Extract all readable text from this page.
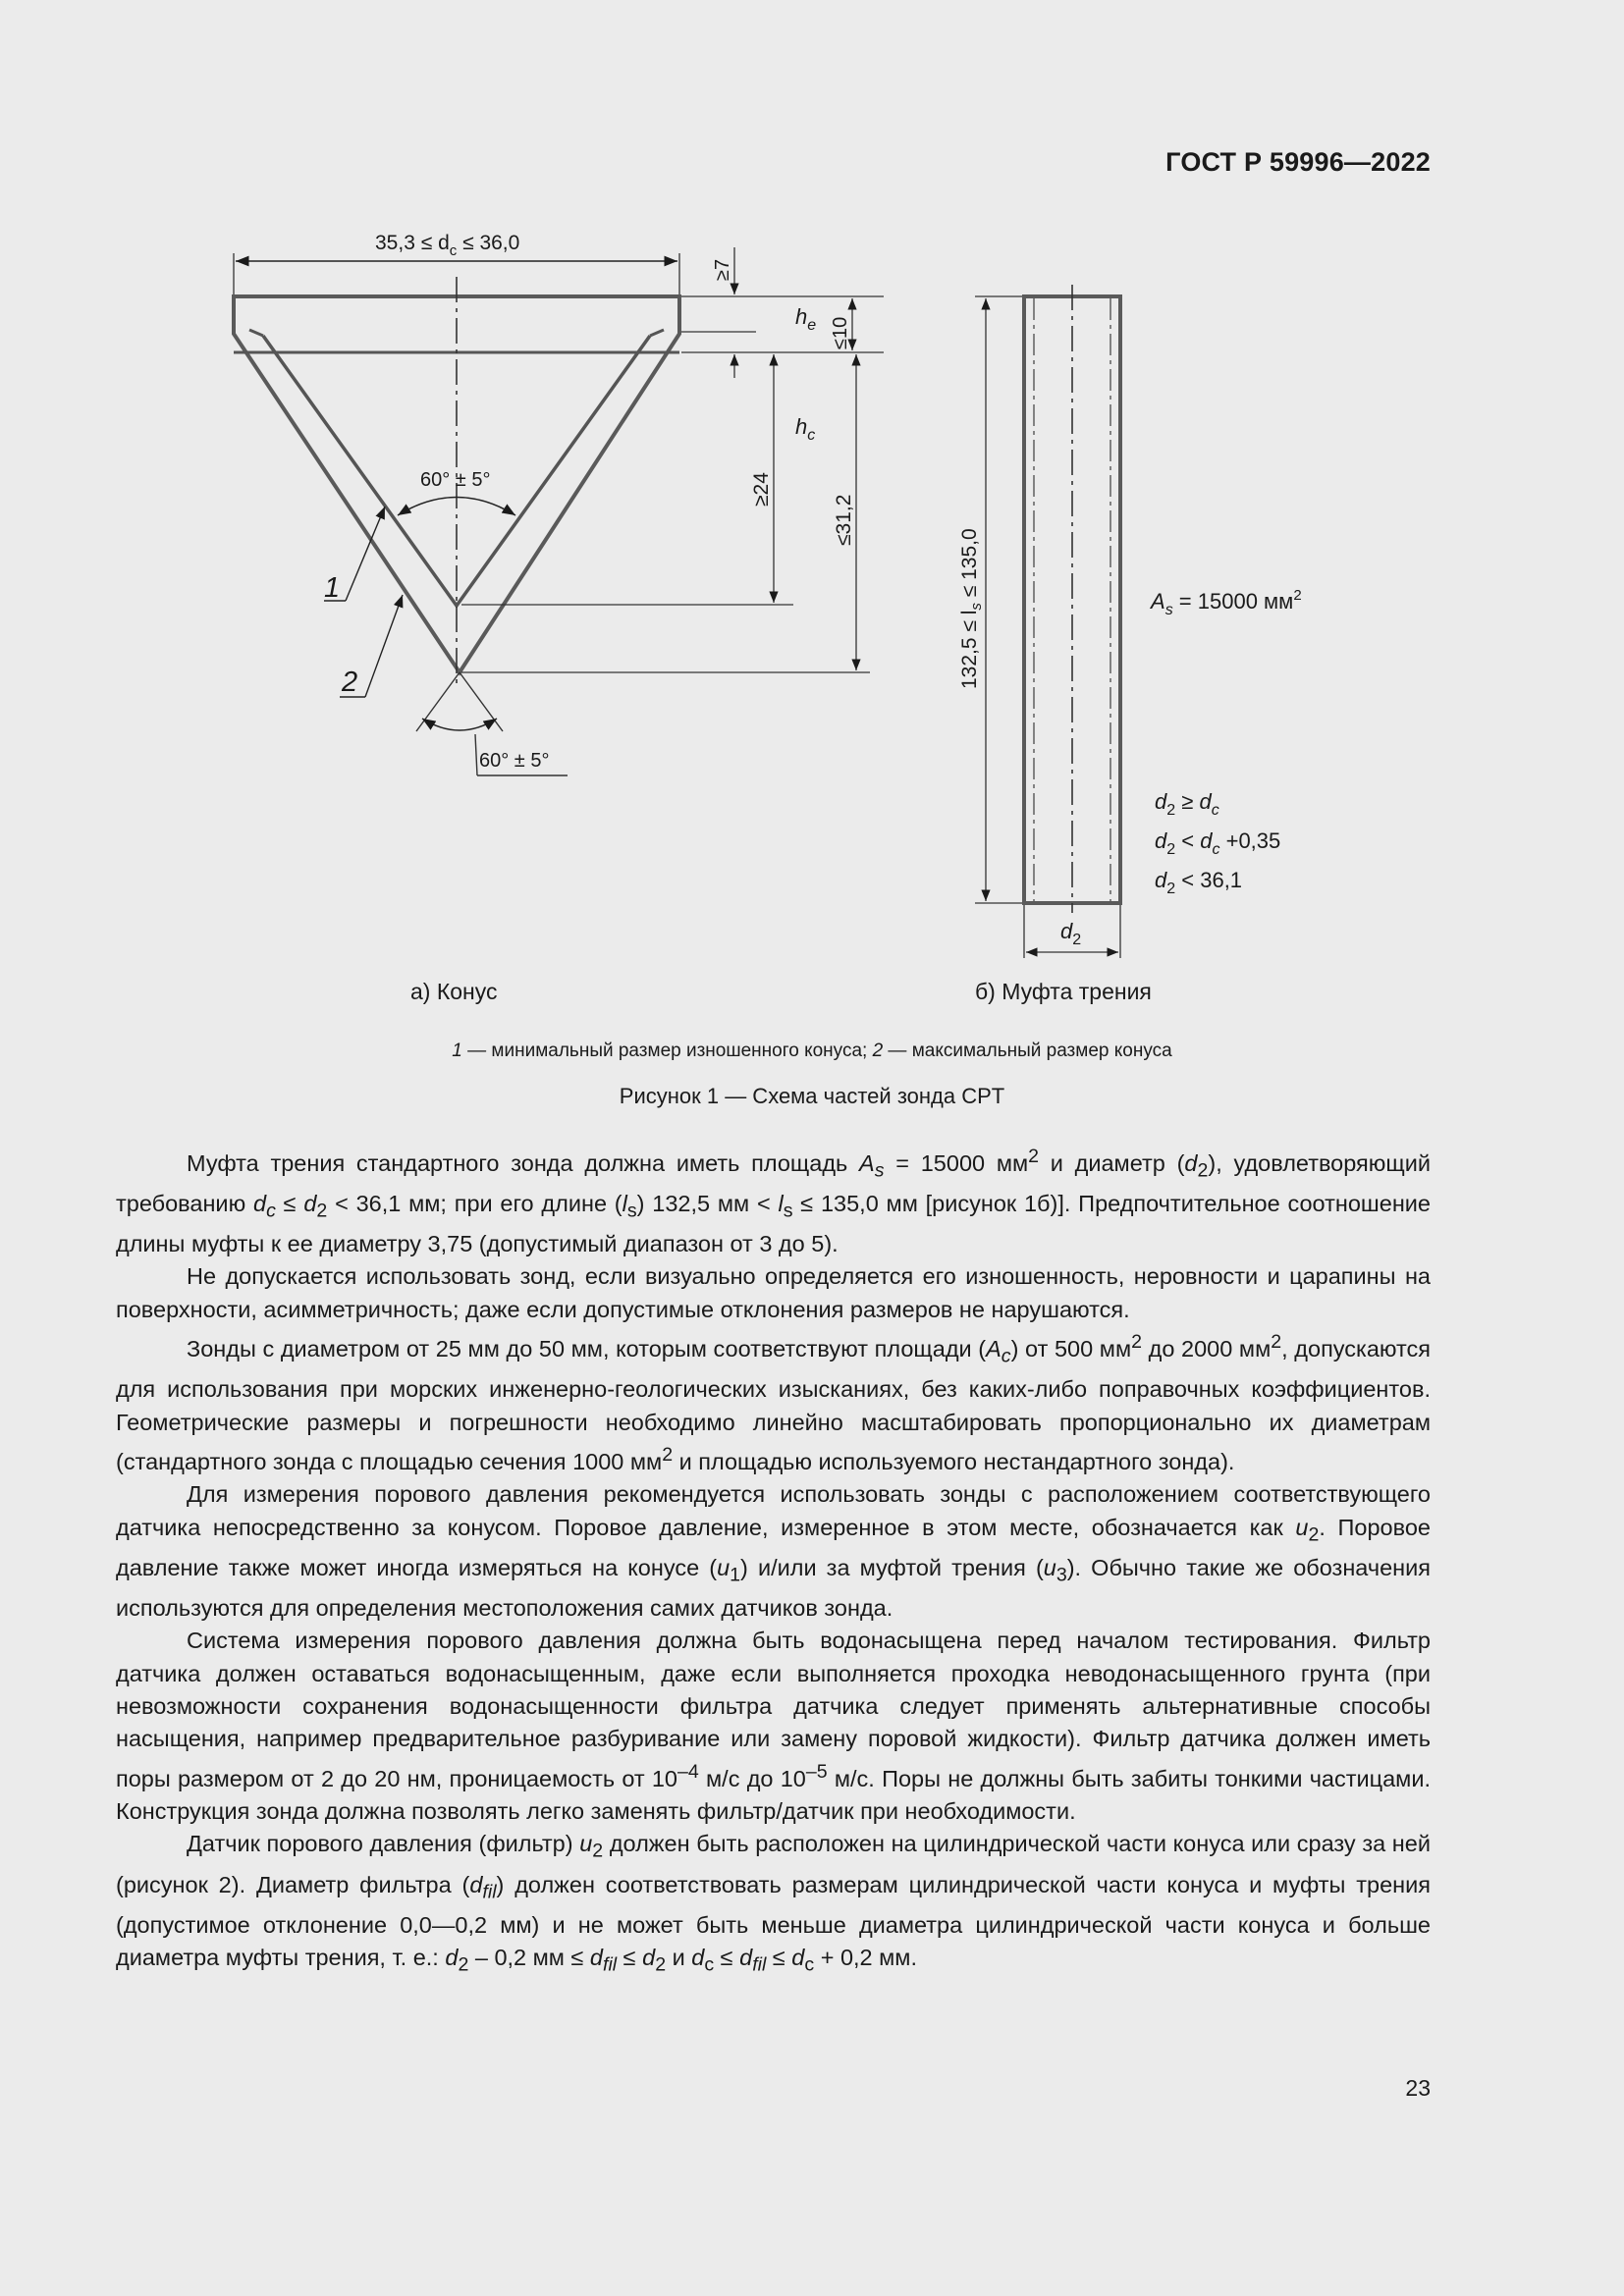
ГОСТ Р 59996—2022
$35,3 \le d_c \le 36,0$
≥7
$h_e \le 10$
$h_c$
≥24
≤31,2
60° ± 5°
60° ± 5°
1
2
а) Конус
$132,5 \le l_s \le 135,0$	$A_s = 15000$ $мм^2$
$d_2 \ge d_c$
$d_2 < d_c +0,35$
$d_2 < 36,1$
$d_2$
б) Муфта трения
1 — минимальный размер изношенного конуса; 2 — максимальный размер конуса
Рисунок 1 — Схема частей зонда CPT

Муфта трения стандартного зонда должна иметь площадь $A_s = 15000$ $мм^2$ и диаметр $(d_2)$, удовлетворяющий требованию $d_c \le d_2 < 36,1$ мм; при его длине $(l_s)$ 132,5 мм < $l_s \le 135,0$ мм [рисунок 1б)]. Предпочтительное соотношение длины муфты к ее диаметру 3,75 (допустимый диапазон от 3 до 5).

Не допускается использовать зонд, если визуально определяется его изношенность, неровности и царапины на поверхности, асимметричность; даже если допустимые отклонения размеров не нарушаются.

Зонды с диаметром от 25 мм до 50 мм, которым соответствуют площади $(A_c)$ от 500 $мм^2$ до 2000 $мм^2$, допускаются для использования при морских инженерно-геологических изысканиях, без каких-либо поправочных коэффициентов. Геометрические размеры и погрешности необходимо линейно масштабировать пропорционально их диаметрам (стандартного зонда с площадью сечения 1000 $мм^2$ и площадью используемого нестандартного зонда).

Для измерения порового давления рекомендуется использовать зонды с расположением соответствующего датчика непосредственно за конусом. Поровое давление, измеренное в этом месте, обозначается как $u_2$. Поровое давление также может иногда измеряться на конусе $(u_1)$ и/или за муфтой трения $(u_3)$. Обычно такие же обозначения используются для определения местоположения самих датчиков зонда.

Система измерения порового давления должна быть водонасыщена перед началом тестирования. Фильтр датчика должен оставаться водонасыщенным, даже если выполняется проходка неводонасыщенного грунта (при невозможности сохранения водонасыщенности фильтра датчика следует применять альтернативные способы насыщения, например предварительное разбуривание или замену поровой жидкости). Фильтр датчика должен иметь поры размером от 2 до 20 нм, проницаемость от $10^{-4}$ м/с до $10^{-5}$ м/с. Поры не должны быть забиты тонкими частицами. Конструкция зонда должна позволять легко заменять фильтр/датчик при необходимости.

Датчик порового давления (фильтр) $u_2$ должен быть расположен на цилиндрической части конуса или сразу за ней (рисунок 2). Диаметр фильтра $(d_{fil})$ должен соответствовать размерам цилиндрической части конуса и муфты трения (допустимое отклонение 0,0—0,2 мм) и не может быть меньше диаметра цилиндрической части конуса и больше диаметра муфты трения, т. е.: $d_2 - 0,2$ мм ≤ $d_{fil} \le d_2$ и $d_c \le d_{fil} \le d_c + 0,2$ мм.

23
